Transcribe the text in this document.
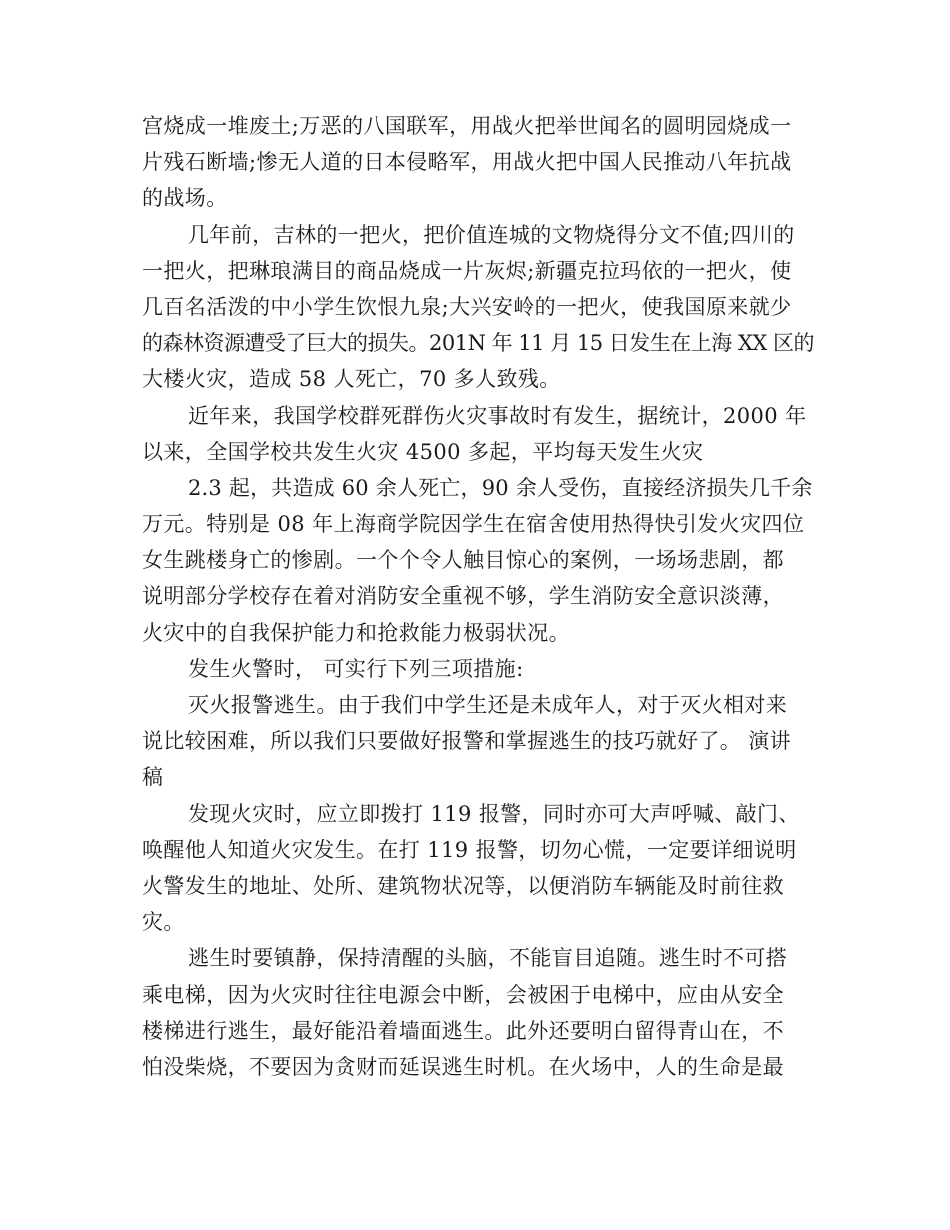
宫烧成一堆废土;万恶的八国联军，用战火把举世闻名的圆明园烧成一
片残石断墙;惨无人道的日本侵略军，用战火把中国人民推动八年抗战
的战场。
几年前，吉林的一把火，把价值连城的文物烧得分文不值;四川的
一把火，把琳琅满目的商品烧成一片灰烬;新疆克拉玛依的一把火，使
几百名活泼的中小学生饮恨九泉;大兴安岭的一把火，使我国原来就少
的森林资源遭受了巨大的损失。201N 年 11 月 15 日发生在上海 XX 区的
大楼火灾，造成 58 人死亡，70 多人致残。
近年来，我国学校群死群伤火灾事故时有发生，据统计，2000 年
以来，全国学校共发生火灾 4500 多起，平均每天发生火灾
2.3 起，共造成 60 余人死亡，90 余人受伤，直接经济损失几千余
万元。特别是 08 年上海商学院因学生在宿舍使用热得快引发火灾四位
女生跳楼身亡的惨剧。一个个令人触目惊心的案例，一场场悲剧，都
说明部分学校存在着对消防安全重视不够，学生消防安全意识淡薄，
火灾中的自我保护能力和抢救能力极弱状况。
发生火警时， 可实行下列三项措施:
灭火报警逃生。由于我们中学生还是未成年人，对于灭火相对来
说比较困难，所以我们只要做好报警和掌握逃生的技巧就好了。 演讲
稿
发现火灾时，应立即拨打 119 报警，同时亦可大声呼喊、敲门、
唤醒他人知道火灾发生。在打 119 报警，切勿心慌，一定要详细说明
火警发生的地址、处所、建筑物状况等，以便消防车辆能及时前往救
灾。
逃生时要镇静，保持清醒的头脑，不能盲目追随。逃生时不可搭
乘电梯，因为火灾时往往电源会中断，会被困于电梯中，应由从安全
楼梯进行逃生，最好能沿着墙面逃生。此外还要明白留得青山在，不
怕没柴烧，不要因为贪财而延误逃生时机。在火场中，人的生命是最
